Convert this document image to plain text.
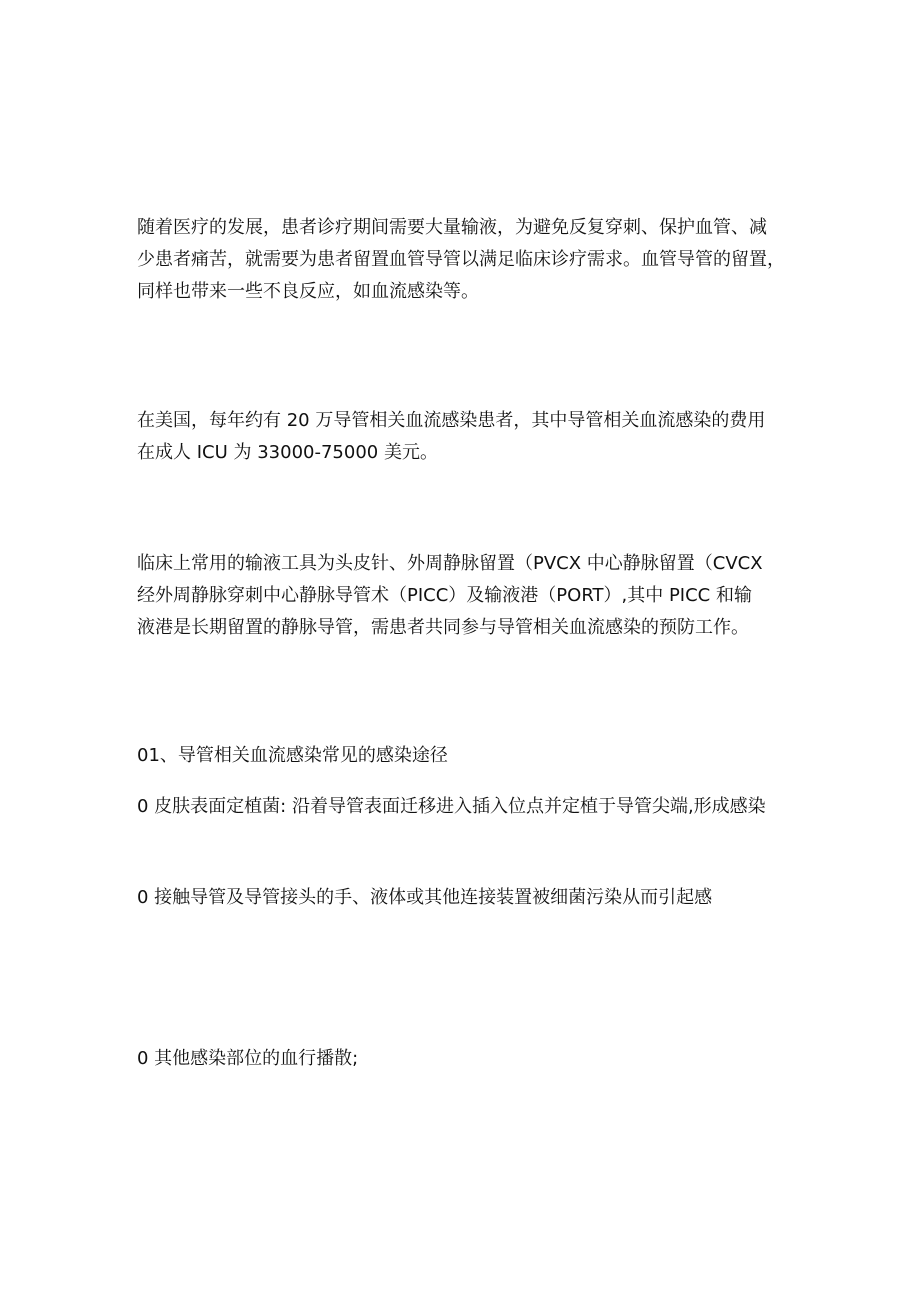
随着医疗的发展，患者诊疗期间需要大量输液，为避免反复穿刺、保护血管、减
少患者痛苦，就需要为患者留置血管导管以满足临床诊疗需求。血管导管的留置，
同样也带来一些不良反应，如血流感染等。

在美国，每年约有 20 万导管相关血流感染患者，其中导管相关血流感染的费用
在成人 ICU 为 33000-75000 美元。

临床上常用的输液工具为头皮针、外周静脉留置（PVCX 中心静脉留置（CVCX
经外周静脉穿刺中心静脉导管术（PICC）及输液港（PORT）,其中 PICC 和输
液港是长期留置的静脉导管，需患者共同参与导管相关血流感染的预防工作。

01、导管相关血流感染常见的感染途径

0 皮肤表面定植菌: 沿着导管表面迁移进入插入位点并定植于导管尖端,形成感染

0 接触导管及导管接头的手、液体或其他连接装置被细菌污染从而引起感

0 其他感染部位的血行播散;
